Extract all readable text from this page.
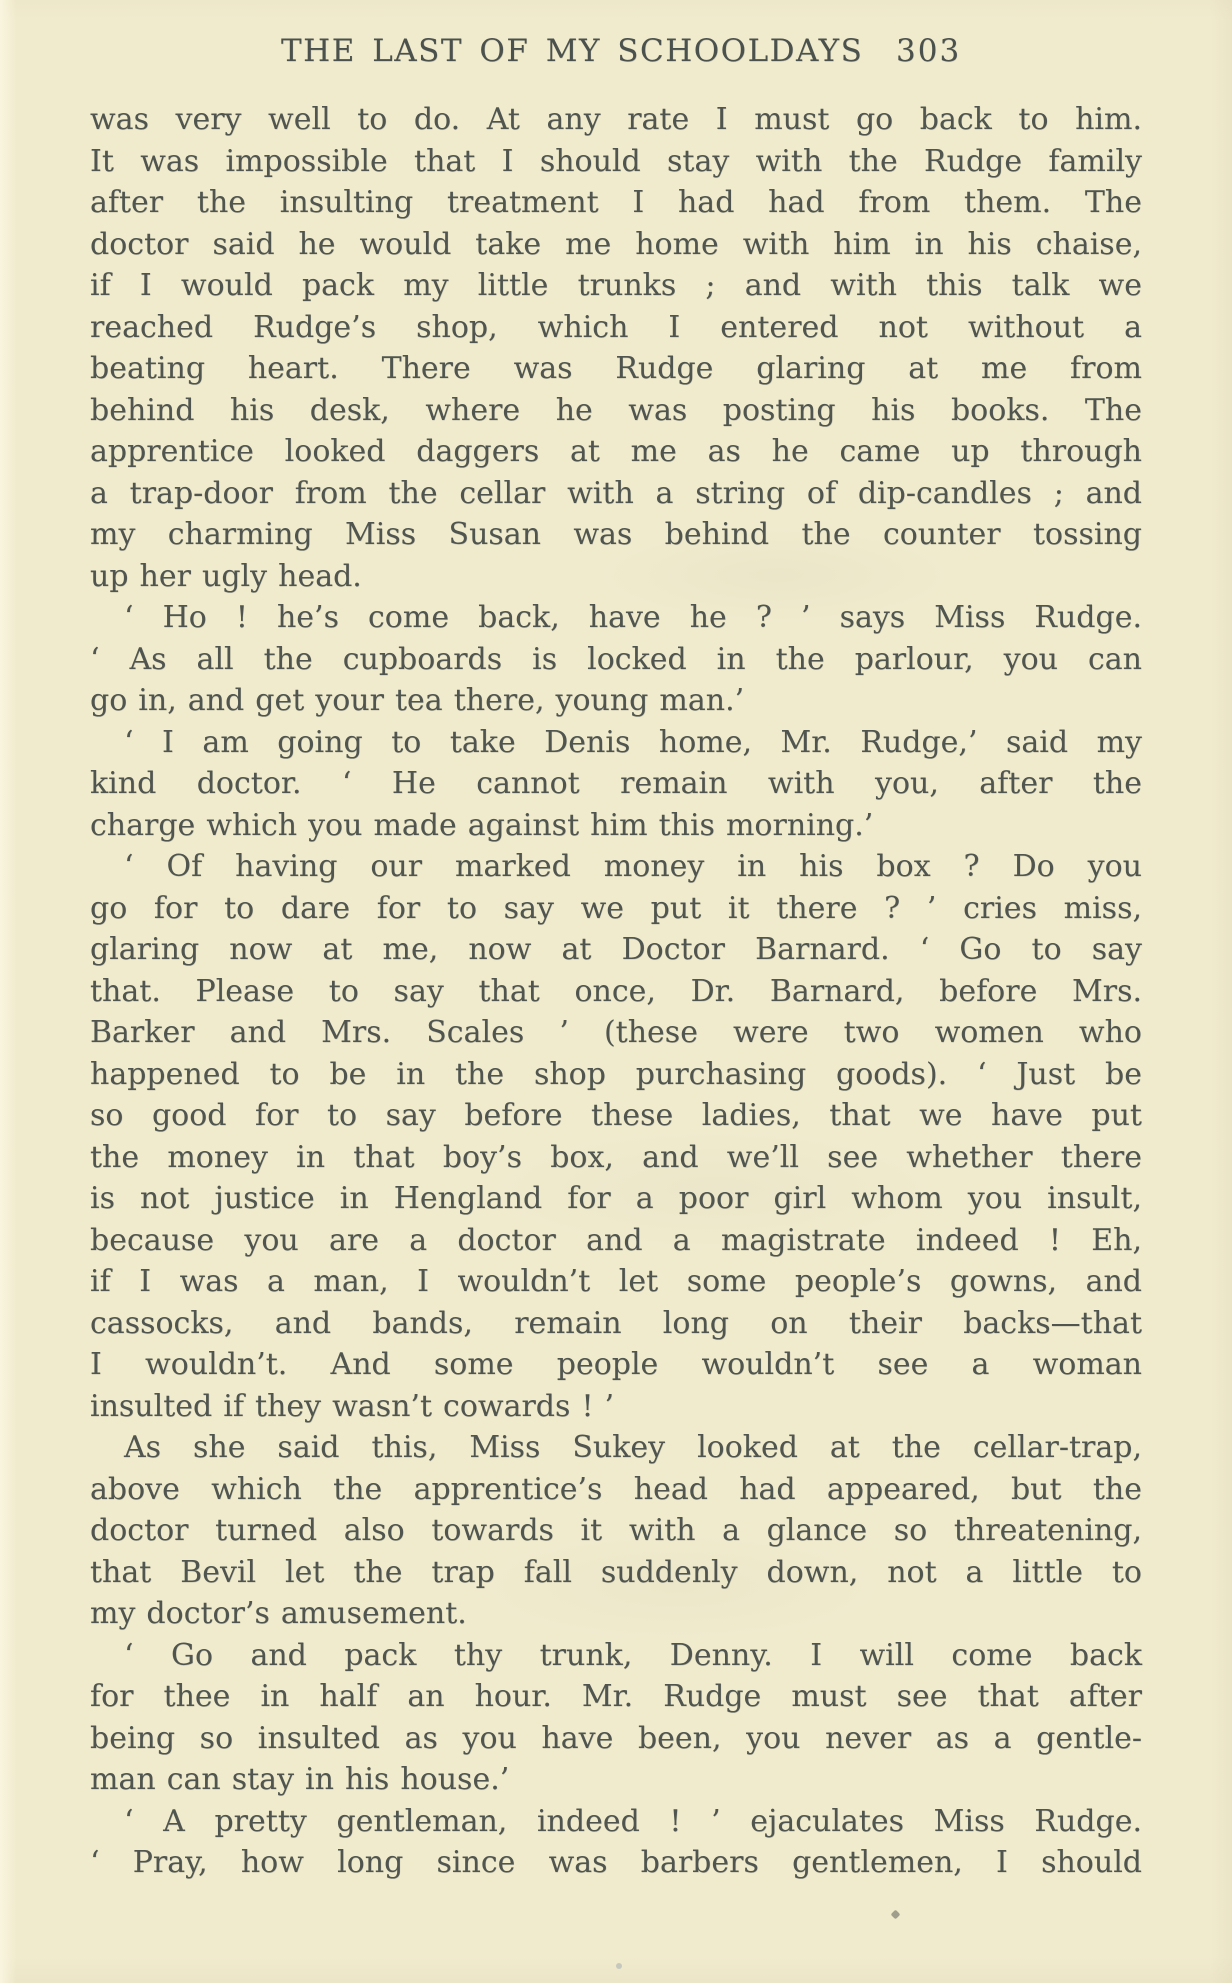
THE LAST OF MY SCHOOLDAYS 303

was very well to do. At any rate I must go back to him.
It was impossible that I should stay with the Rudge family
after the insulting treatment I had had from them. The
doctor said he would take me home with him in his chaise,
if I would pack my little trunks ; and with this talk we
reached Rudge’s shop, which I entered not without a
beating heart. There was Rudge glaring at me from
behind his desk, where he was posting his books. The
apprentice looked daggers at me as he came up through
a trap-door from the cellar with a string of dip-candles ; and
my charming Miss Susan was behind the counter tossing
up her ugly head.

‘ Ho ! he’s come back, have he ? ’ says Miss Rudge.
‘ As all the cupboards is locked in the parlour, you can
go in, and get your tea there, young man.’

‘ I am going to take Denis home, Mr. Rudge,’ said my
kind doctor. ‘ He cannot remain with you, after the
charge which you made against him this morning.’

‘ Of having our marked money in his box ? Do you
go for to dare for to say we put it there ? ’ cries miss,
glaring now at me, now at Doctor Barnard. ‘ Go to say
that. Please to say that once, Dr. Barnard, before Mrs.
Barker and Mrs. Scales ’ (these were two women who
happened to be in the shop purchasing goods). ‘ Just be
so good for to say before these ladies, that we have put
the money in that boy’s box, and we’ll see whether there
is not justice in Hengland for a poor girl whom you insult,
because you are a doctor and a magistrate indeed ! Eh,
if I was a man, I wouldn’t let some people’s gowns, and
cassocks, and bands, remain long on their backs—that
I wouldn’t. And some people wouldn’t see a woman
insulted if they wasn’t cowards ! ’

As she said this, Miss Sukey looked at the cellar-trap,
above which the apprentice’s head had appeared, but the
doctor turned also towards it with a glance so threatening,
that Bevil let the trap fall suddenly down, not a little to
my doctor’s amusement.

‘ Go and pack thy trunk, Denny. I will come back
for thee in half an hour. Mr. Rudge must see that after
being so insulted as you have been, you never as a gentle-
man can stay in his house.’

‘ A pretty gentleman, indeed ! ’ ejaculates Miss Rudge.
‘ Pray, how long since was barbers gentlemen, I should
